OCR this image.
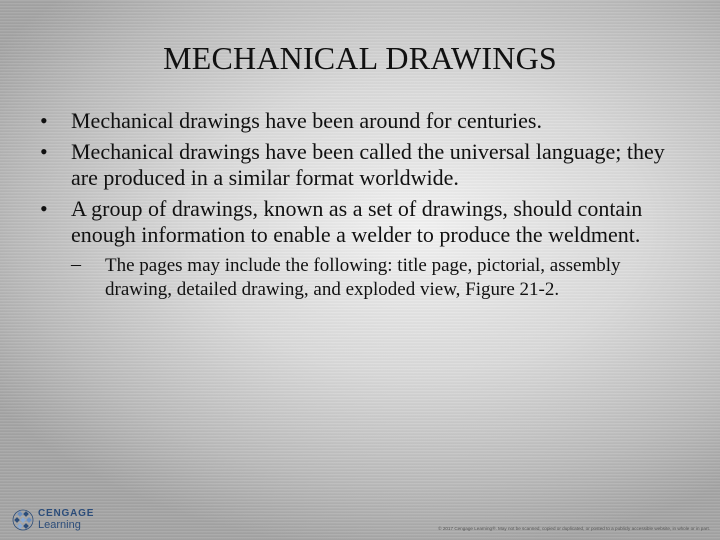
MECHANICAL DRAWINGS
• Mechanical drawings have been around for centuries.
• Mechanical drawings have been called the universal language; they are produced in a similar format worldwide.
• A group of drawings, known as a set of drawings, should contain enough information to enable a welder to produce the weldment.
– The pages may include the following: title page, pictorial, assembly drawing, detailed drawing, and exploded view, Figure 21-2.
CENGAGE
Learning	© 2017 Cengage Learning®. May not be scanned, copied or duplicated, or posted to a publicly accessible website, in whole or in part.
